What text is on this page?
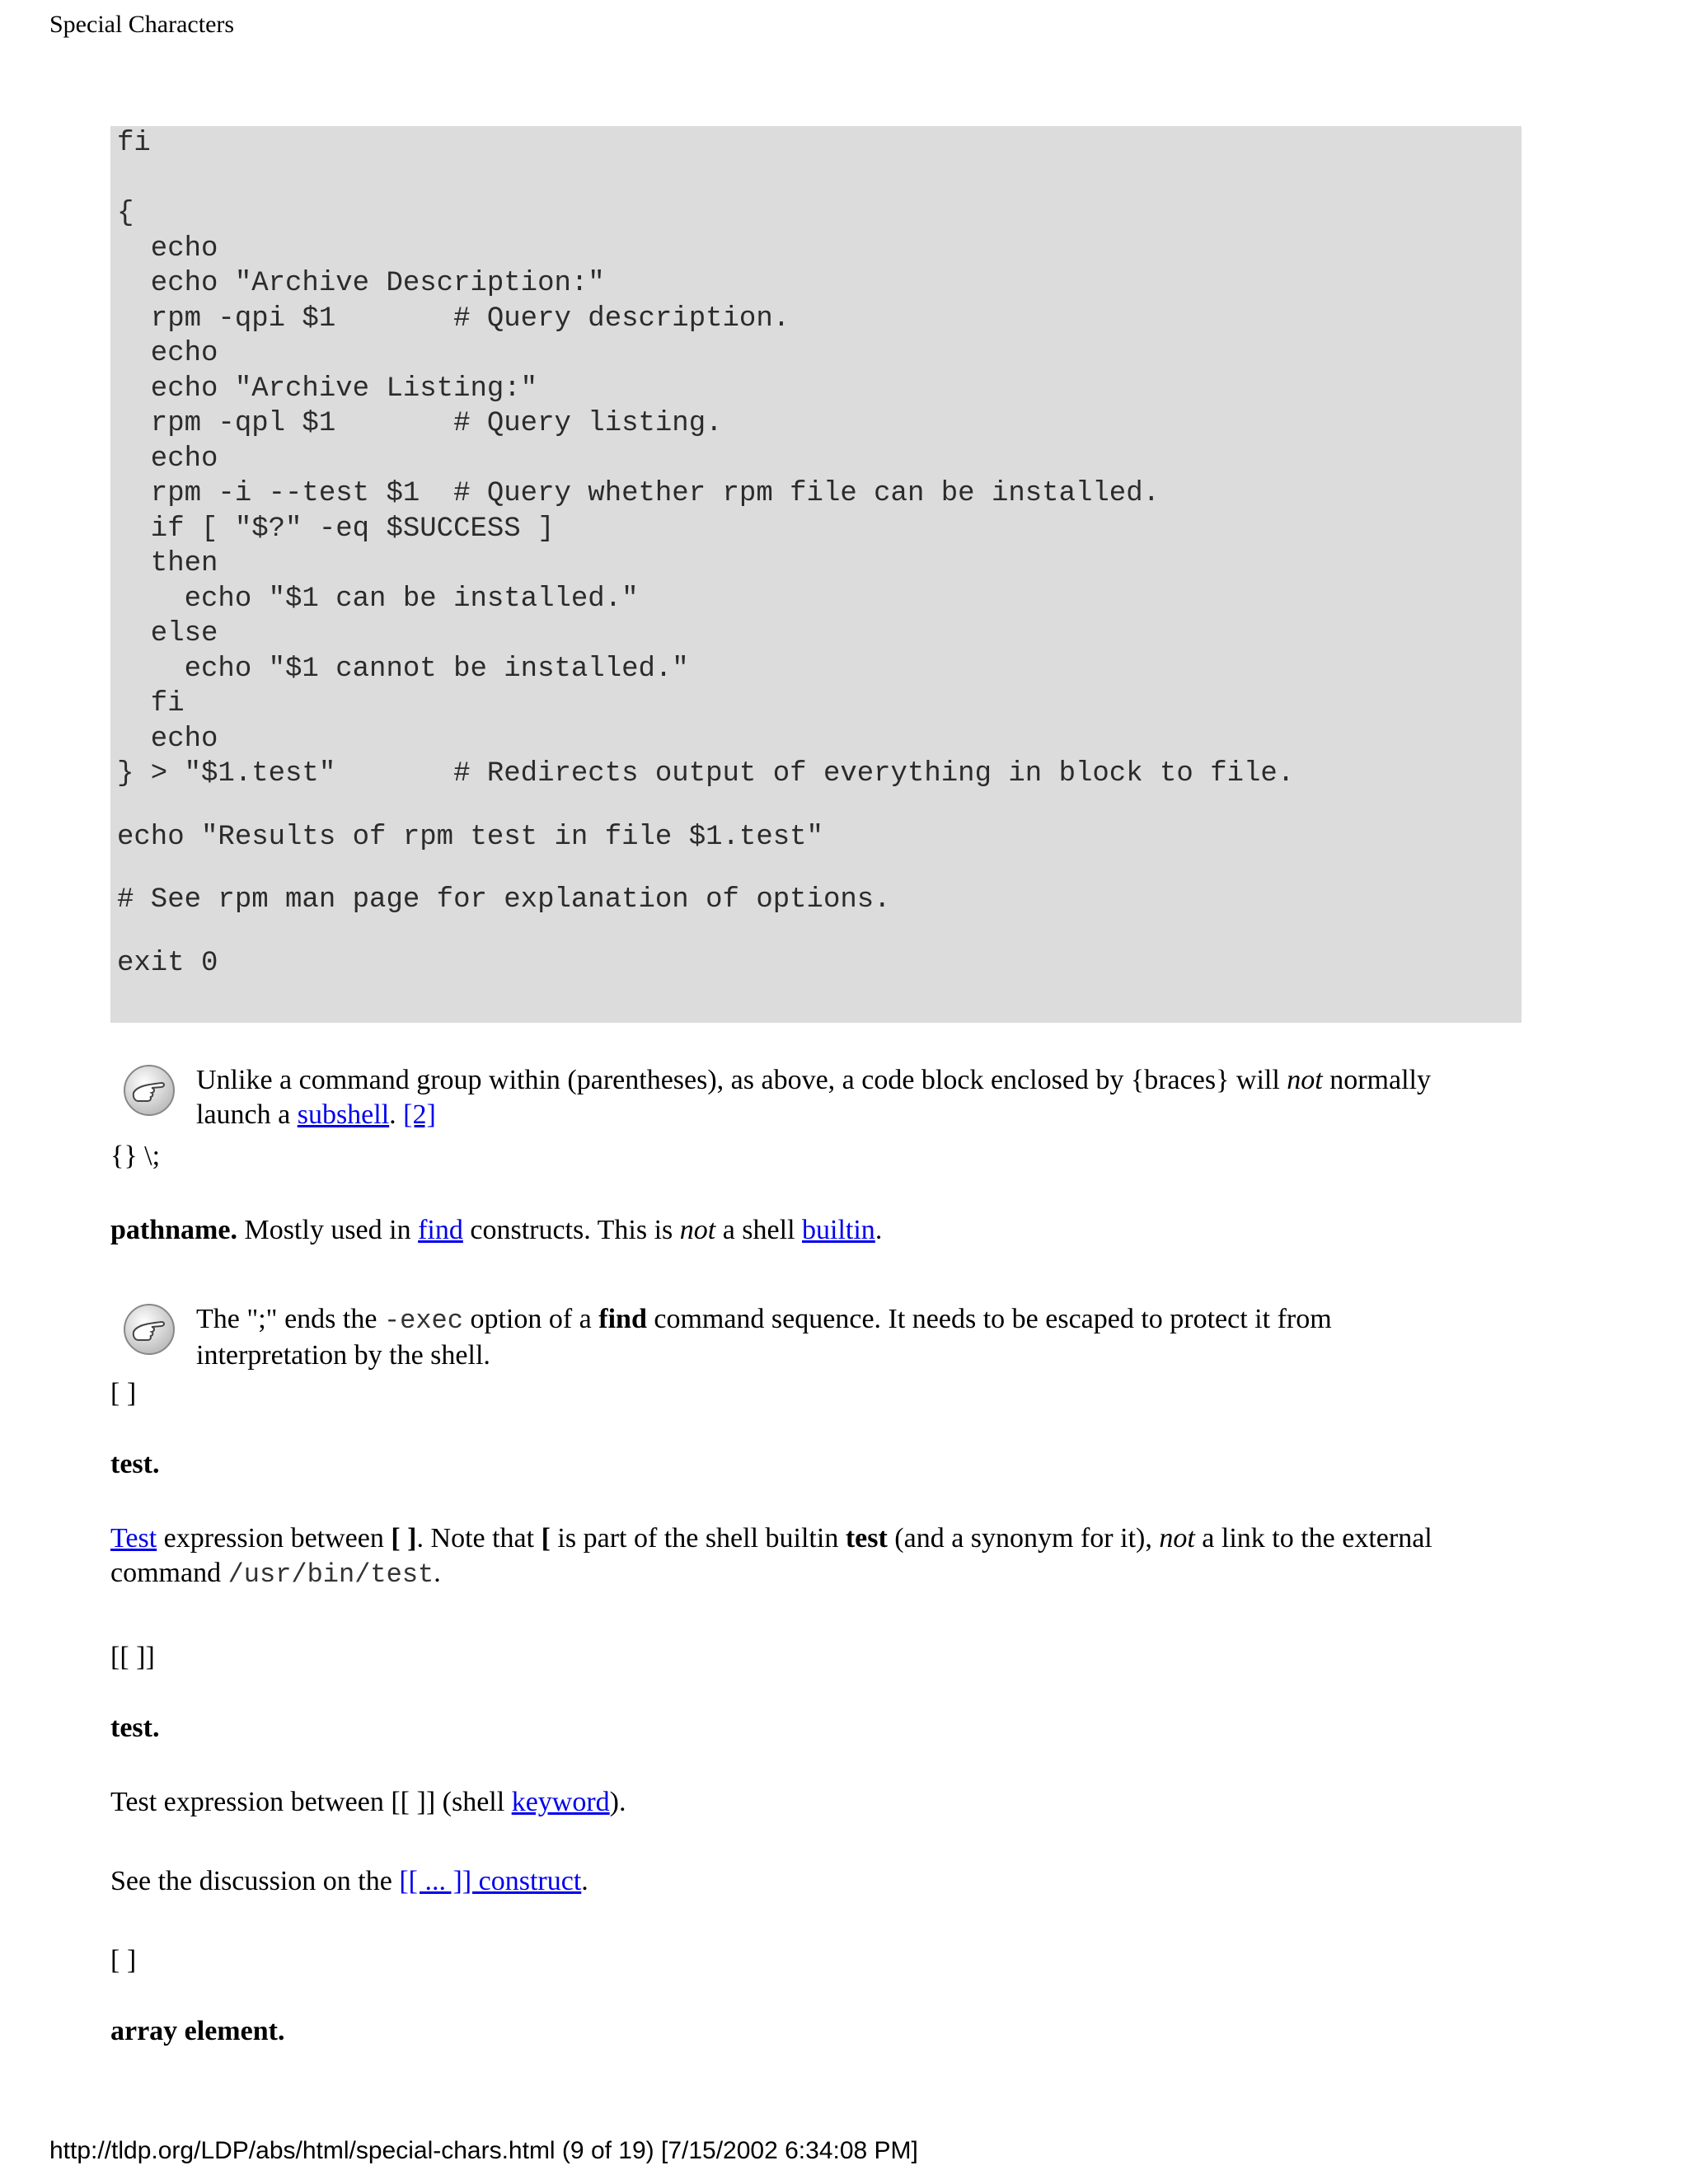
Special Characters
fi
{
echo
echo "Archive Description:"
rpm -qpi $1       # Query description.
echo
echo "Archive Listing:"
rpm -qpl $1       # Query listing.
echo
rpm -i --test $1  # Query whether rpm file can be installed.
if [ "$?" -eq $SUCCESS ]
then
echo "$1 can be installed."
else
echo "$1 cannot be installed."
fi
echo
} > "$1.test"       # Redirects output of everything in block to file.
echo "Results of rpm test in file $1.test"
# See rpm man page for explanation of options.
exit 0
Unlike a command group within (parentheses), as above, a code block enclosed by {braces} will not normally launch a subshell. [2]
{} \;
pathname. Mostly used in find constructs. This is not a shell builtin.
The ";" ends the -exec option of a find command sequence. It needs to be escaped to protect it from interpretation by the shell.
[ ]
test.
Test expression between [ ]. Note that [ is part of the shell builtin test (and a synonym for it), not a link to the external command /usr/bin/test.
[[ ]]
test.
Test expression between [[ ]] (shell keyword).
See the discussion on the [[ ... ]] construct.
[ ]
array element.
http://tldp.org/LDP/abs/html/special-chars.html (9 of 19) [7/15/2002 6:34:08 PM]
